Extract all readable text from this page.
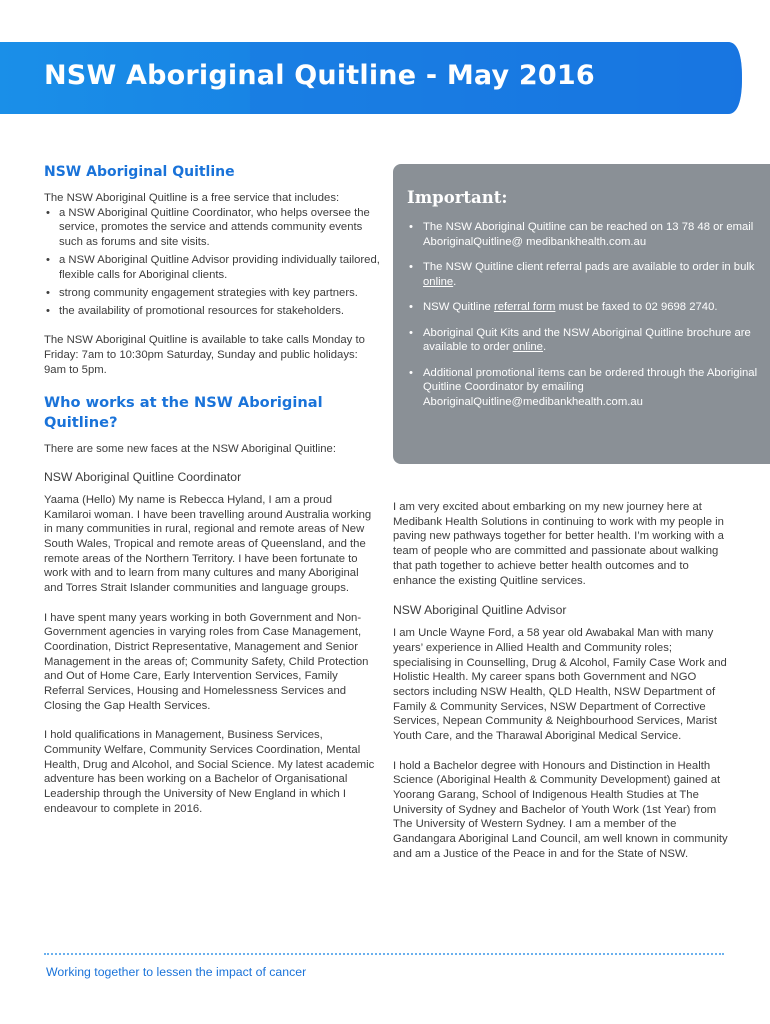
NSW Aboriginal Quitline - May 2016
NSW Aboriginal Quitline

The NSW Aboriginal Quitline is a free service that includes:

• a NSW Aboriginal Quitline Coordinator, who helps oversee the service, promotes the service and attends community events such as forums and site visits.
• a NSW Aboriginal Quitline Advisor providing individually tailored, flexible calls for Aboriginal clients.
• strong community engagement strategies with key partners.
• the availability of promotional resources for stakeholders.

The NSW Aboriginal Quitline is available to take calls Monday to Friday: 7am to 10:30pm Saturday, Sunday and public holidays: 9am to 5pm.

Who works at the NSW Aboriginal Quitline?

There are some new faces at the NSW Aboriginal Quitline:

NSW Aboriginal Quitline Coordinator

Yaama (Hello) My name is Rebecca Hyland, I am a proud Kamilaroi woman. I have been travelling around Australia working in many communities in rural, regional and remote areas of New South Wales, Tropical and remote areas of Queensland, and the remote areas of the Northern Territory. I have been fortunate to work with and to learn from many cultures and many Aboriginal and Torres Strait Islander communities and language groups.

I have spent many years working in both Government and Non-Government agencies in varying roles from Case Management, Coordination, District Representative, Management and Senior Management in the areas of; Community Safety, Child Protection and Out of Home Care, Early Intervention Services, Family Referral Services, Housing and Homelessness Services and Closing the Gap Health Services.

I hold qualifications in Management, Business Services, Community Welfare, Community Services Coordination, Mental Health, Drug and Alcohol, and Social Science. My latest academic adventure has been working on a Bachelor of Organisational Leadership through the University of New England in which I endeavour to complete in 2016.

Important:
• The NSW Aboriginal Quitline can be reached on 13 78 48 or email AboriginalQuitline@ medibankhealth.com.au
• The NSW Quitline client referral pads are available to order in bulk online.
• NSW Quitline referral form must be faxed to 02 9698 2740.
• Aboriginal Quit Kits and the NSW Aboriginal Quitline brochure are available to order online.
• Additional promotional items can be ordered through the Aboriginal Quitline Coordinator by emailing AboriginalQuitline@medibankhealth.com.au

I am very excited about embarking on my new journey here at Medibank Health Solutions in continuing to work with my people in paving new pathways together for better health. I’m working with a team of people who are committed and passionate about walking that path together to achieve better health outcomes and to enhance the existing Quitline services.

NSW Aboriginal Quitline Advisor

I am Uncle Wayne Ford, a 58 year old Awabakal Man with many years’ experience in Allied Health and Community roles; specialising in Counselling, Drug & Alcohol, Family Case Work and Holistic Health. My career spans both Government and NGO sectors including NSW Health, QLD Health, NSW Department of Family & Community Services, NSW Department of Corrective Services, Nepean Community & Neighbourhood Services, Marist Youth Care, and the Tharawal Aboriginal Medical Service.

I hold a Bachelor degree with Honours and Distinction in Health Science (Aboriginal Health & Community Development) gained at Yoorang Garang, School of Indigenous Health Studies at The University of Sydney and Bachelor of Youth Work (1st Year) from The University of Western Sydney. I am a member of the Gandangara Aboriginal Land Council, am well known in community and am a Justice of the Peace in and for the State of NSW.

Working together to lessen the impact of cancer
